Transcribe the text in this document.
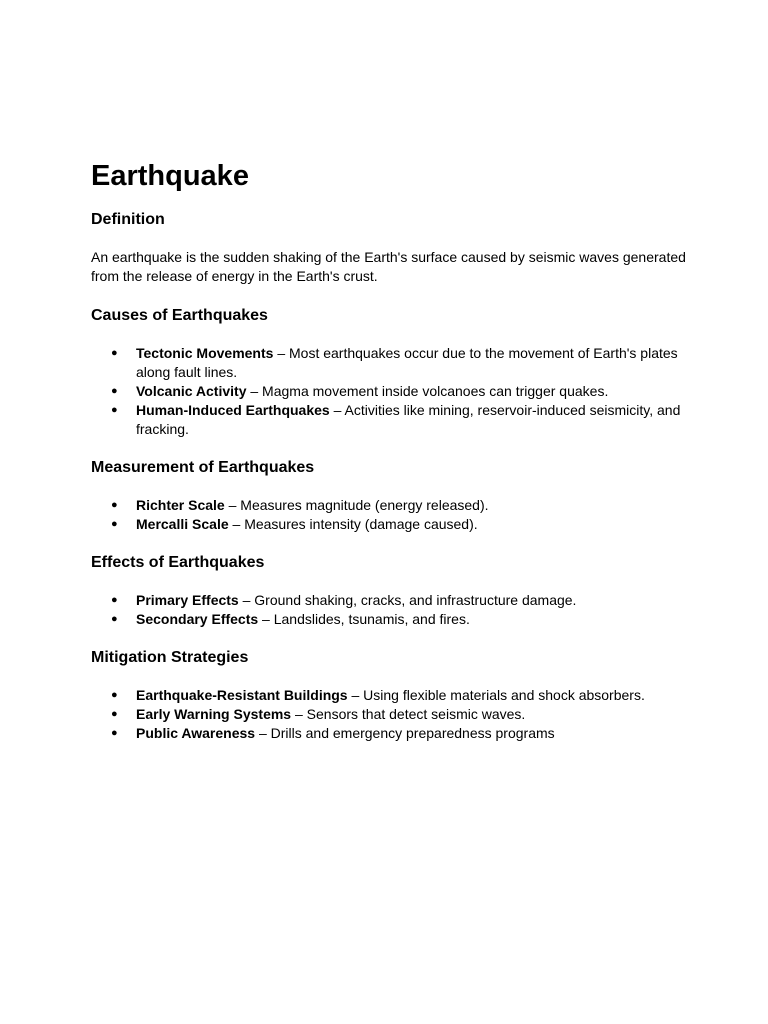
Earthquake
Definition

An earthquake is the sudden shaking of the Earth's surface caused by seismic waves generated from the release of energy in the Earth's crust.

Causes of Earthquakes
● Tectonic Movements – Most earthquakes occur due to the movement of Earth's plates along fault lines.
● Volcanic Activity – Magma movement inside volcanoes can trigger quakes.
● Human-Induced Earthquakes – Activities like mining, reservoir-induced seismicity, and fracking.
Measurement of Earthquakes
● Richter Scale – Measures magnitude (energy released).
● Mercalli Scale – Measures intensity (damage caused).
Effects of Earthquakes
● Primary Effects – Ground shaking, cracks, and infrastructure damage.
● Secondary Effects – Landslides, tsunamis, and fires.
Mitigation Strategies
● Earthquake-Resistant Buildings – Using flexible materials and shock absorbers.
● Early Warning Systems – Sensors that detect seismic waves.
● Public Awareness – Drills and emergency preparedness programs
